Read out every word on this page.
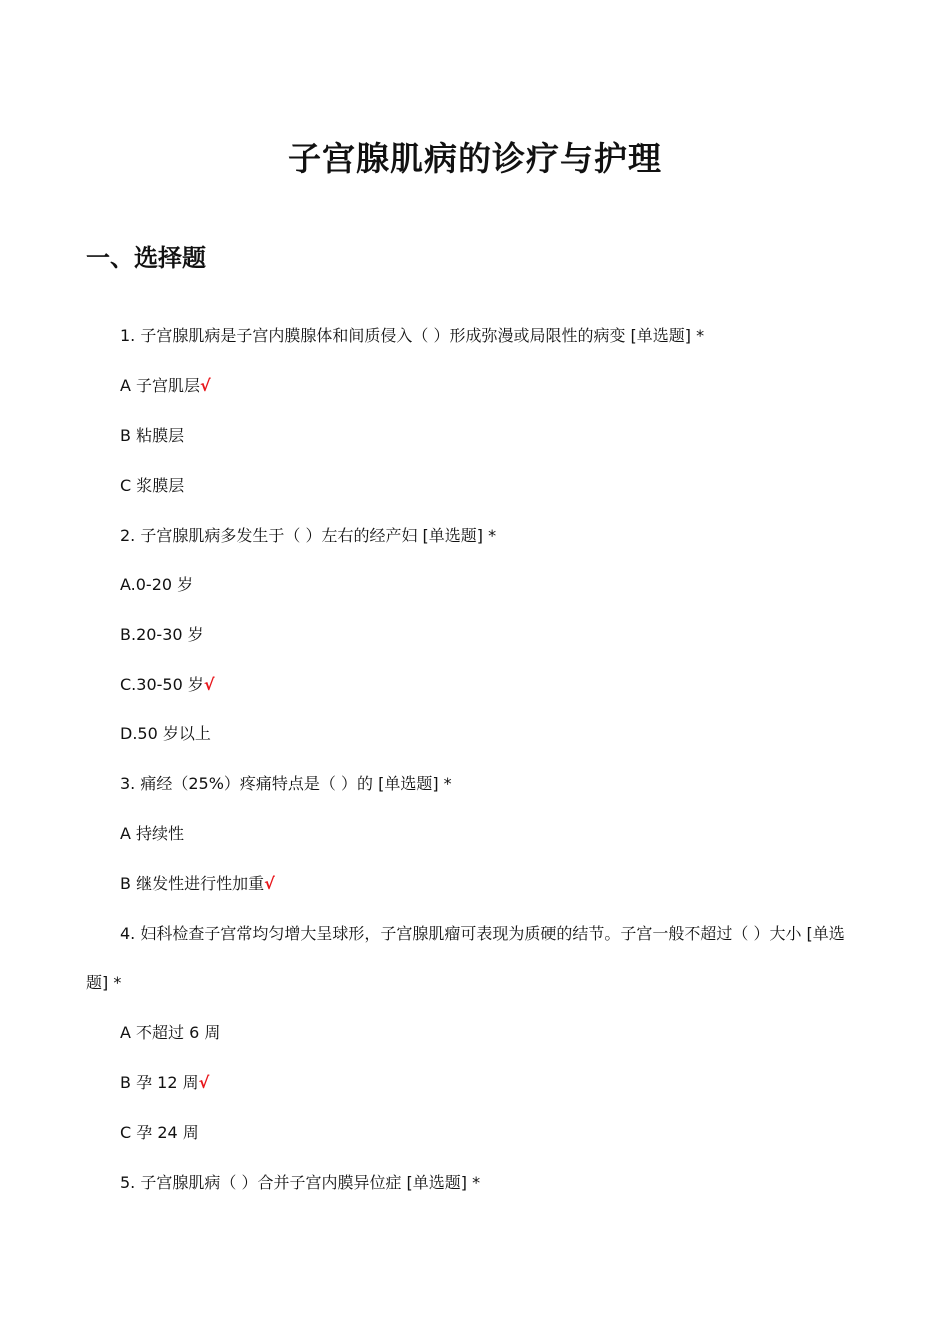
子宫腺肌病的诊疗与护理
一、选择题
1. 子宫腺肌病是子宫内膜腺体和间质侵入（ ）形成弥漫或局限性的病变 [单选题] *
A 子宫肌层√
B 粘膜层
C 浆膜层
2. 子宫腺肌病多发生于（ ）左右的经产妇 [单选题] *
A.0-20 岁
B.20-30 岁
C.30-50 岁√
D.50 岁以上
3. 痛经（25%）疼痛特点是（ ）的 [单选题] *
A 持续性
B 继发性进行性加重√
4. 妇科检查子宫常均匀增大呈球形，子宫腺肌瘤可表现为质硬的结节。子宫一般不超过（ ）大小 [单选
题] *
A 不超过 6 周
B 孕 12 周√
C 孕 24 周
5. 子宫腺肌病（ ）合并子宫内膜异位症 [单选题] *
